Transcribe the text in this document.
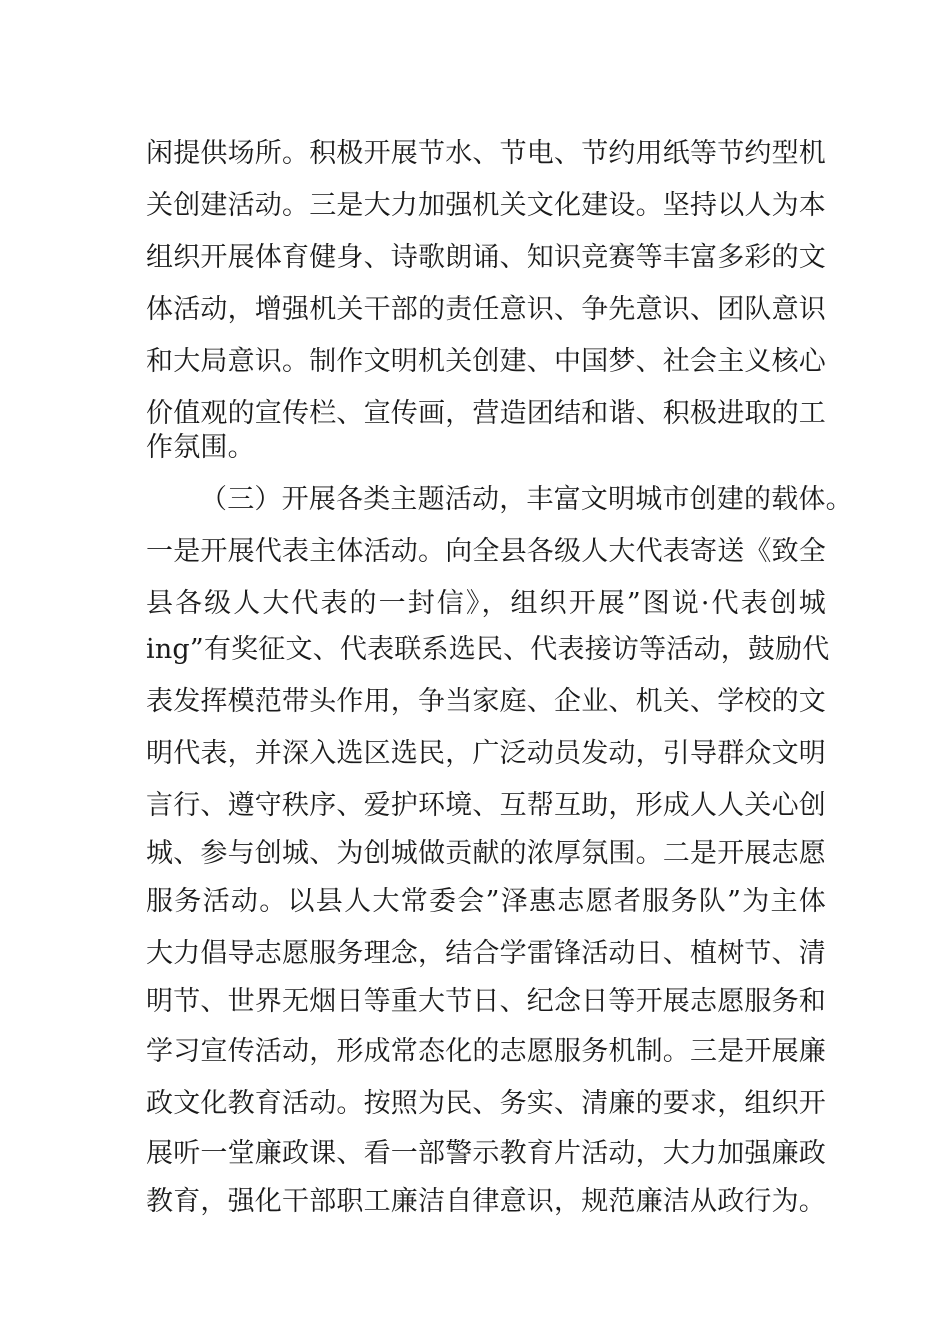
闲提供场所。积极开展节水、节电、节约用纸等节约型机
关创建活动。三是大力加强机关文化建设。坚持以人为本
组织开展体育健身、诗歌朗诵、知识竞赛等丰富多彩的文
体活动，增强机关干部的责任意识、争先意识、团队意识
和大局意识。制作文明机关创建、中国梦、社会主义核心
价值观的宣传栏、宣传画，营造团结和谐、积极进取的工
作氛围。
（三）开展各类主题活动，丰富文明城市创建的载体。
一是开展代表主体活动。向全县各级人大代表寄送《致全
县各级人大代表的一封信》，组织开展”图说·代表创城
ing”有奖征文、代表联系选民、代表接访等活动，鼓励代
表发挥模范带头作用，争当家庭、企业、机关、学校的文
明代表，并深入选区选民，广泛动员发动，引导群众文明
言行、遵守秩序、爱护环境、互帮互助，形成人人关心创
城、参与创城、为创城做贡献的浓厚氛围。二是开展志愿
服务活动。以县人大常委会”泽惠志愿者服务队”为主体
大力倡导志愿服务理念，结合学雷锋活动日、植树节、清
明节、世界无烟日等重大节日、纪念日等开展志愿服务和
学习宣传活动，形成常态化的志愿服务机制。三是开展廉
政文化教育活动。按照为民、务实、清廉的要求，组织开
展听一堂廉政课、看一部警示教育片活动，大力加强廉政
教育，强化干部职工廉洁自律意识，规范廉洁从政行为。
